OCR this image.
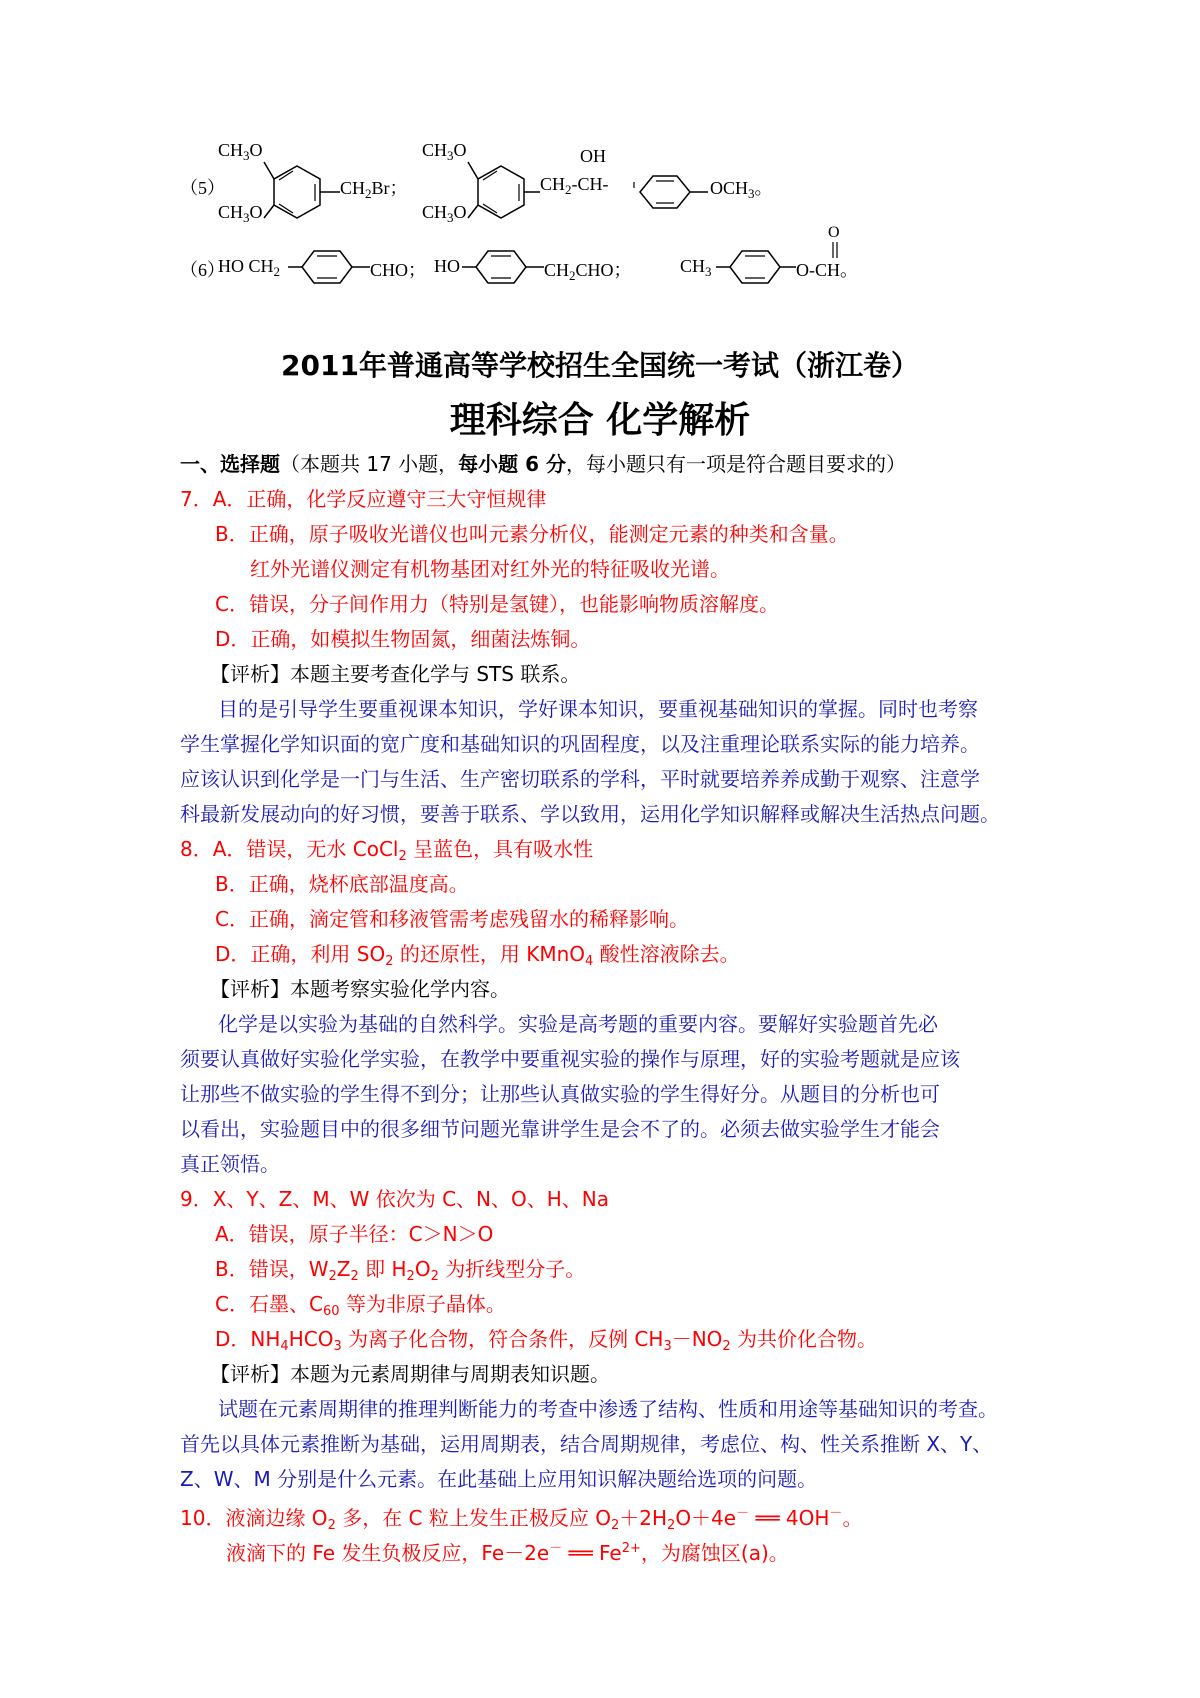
（5）
$CH_3O$
$CH_2Br$；
$CH_3O$
$CH_3O$
$CH_3O$
OH
$CH_2-CH-$	$OCH_3$。
（6）
HO $CH_2$	CHO； HO	$CH_2CHO$；	$CH_3$
O
O-CH。
2011年普通高等学校招生全国统一考试（浙江卷）
理科综合 化学解析
一、选择题（本题共 17 小题，每小题 6 分，每小题只有一项是符合题目要求的）
7．A．正确，化学反应遵守三大守恒规律
B．正确，原子吸收光谱仪也叫元素分析仪，能测定元素的种类和含量。
红外光谱仪测定有机物基团对红外光的特征吸收光谱。
C．错误，分子间作用力（特别是氢键），也能影响物质溶解度。
D．正确，如模拟生物固氮，细菌法炼铜。
【评析】本题主要考查化学与 STS 联系。
目的是引导学生要重视课本知识，学好课本知识，要重视基础知识的掌握。同时也考察
学生掌握化学知识面的宽广度和基础知识的巩固程度，以及注重理论联系实际的能力培养。
应该认识到化学是一门与生活、生产密切联系的学科，平时就要培养养成勤于观察、注意学
科最新发展动向的好习惯，要善于联系、学以致用，运用化学知识解释或解决生活热点问题。
8．A．错误，无水 CoCl$_2$ 呈蓝色，具有吸水性
B．正确，烧杯底部温度高。
C．正确，滴定管和移液管需考虑残留水的稀释影响。
D．正确，利用 $SO_2$ 的还原性，用 KMnO$_4$ 酸性溶液除去。
【评析】本题考察实验化学内容。
化学是以实验为基础的自然科学。实验是高考题的重要内容。要解好实验题首先必
须要认真做好实验化学实验，在教学中要重视实验的操作与原理，好的实验考题就是应该
让那些不做实验的学生得不到分；让那些认真做实验的学生得好分。从题目的分析也可
以看出，实验题目中的很多细节问题光靠讲学生是会不了的。必须去做实验学生才能会
真正领悟。
9．X、Y、Z、M、W 依次为 C、N、O、H、Na
A．错误，原子半径：C＞N＞O
B．错误，$W_2Z_2$ 即 $H_2O_2$ 为折线型分子。
C．石墨、$C_{60}$ 等为非原子晶体。
D．$NH_4HCO_3$ 为离子化合物，符合条件，反例 $CH_3-NO_2$ 为共价化合物。
【评析】本题为元素周期律与周期表知识题。
试题在元素周期律的推理判断能力的考查中渗透了结构、性质和用途等基础知识的考查。
首先以具体元素推断为基础，运用周期表，结合周期规律，考虑位、构、性关系推断 X、Y、
Z、W、M 分别是什么元素。在此基础上应用知识解决题给选项的问题。
10．液滴边缘 $O_2$ 多，在 C 粒上发生正极反应 $O_2+2H_2O+4e^-$ ══ 4OH－。
液滴下的 Fe 发生负极反应，Fe－2e－ ══ $Fe^{2+}$，为腐蚀区(a)。
